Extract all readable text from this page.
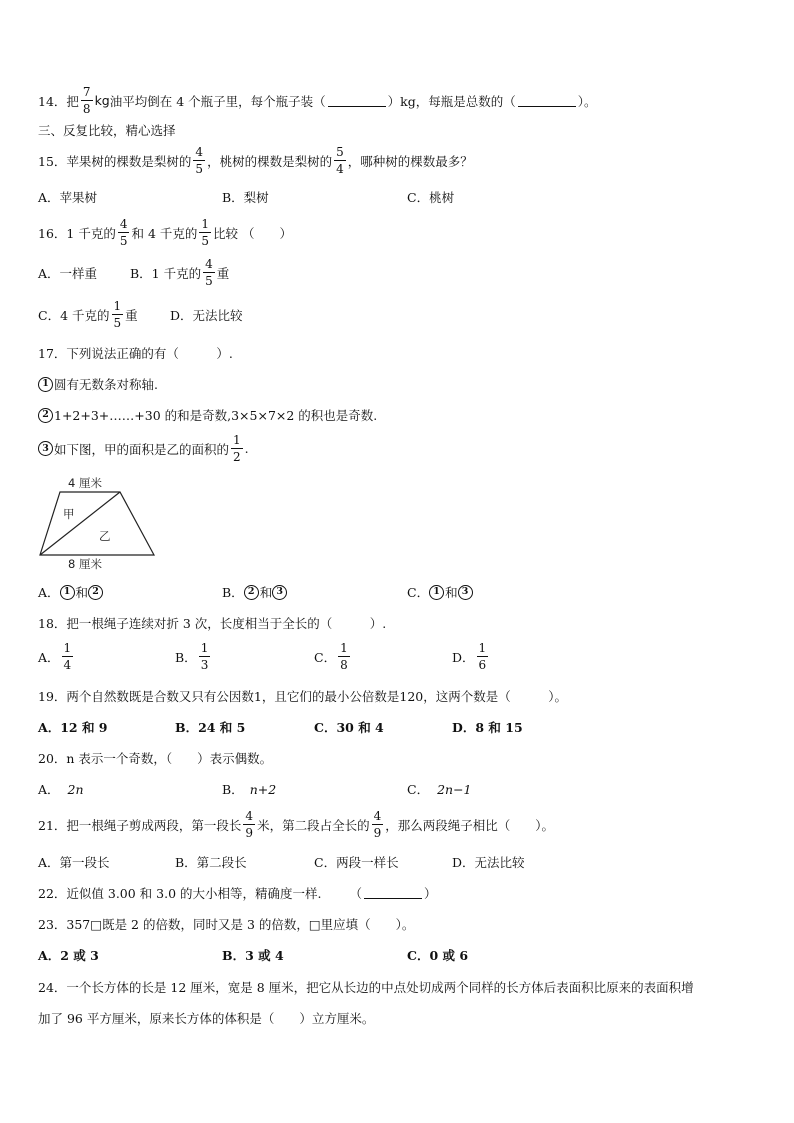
14． 把 $\frac{7}{8}$ kg 油平均倒在 4 个瓶子里，每个瓶子装（	） kg，每瓶是总数的（	）。
三、反复比较，精心选择
15． 苹果树的棵数是梨树的 $\frac{4}{5}$ ，桃树的棵数是梨树的 $\frac{5}{4}$ ，哪种树的棵数最多？
A．苹果树	B．梨树	C．桃树
16． 1 千克的 $\frac{4}{5}$ 和 4 千克的 $\frac{1}{5}$ 比较 （　　）
A．一样重	B．1 千克的 $\frac{4}{5}$ 重
C．4 千克的 $\frac{1}{5}$ 重	D．无法比较
17． 下列说法正确的有（　　　）.
1 圆有无数条对称轴.
2 1+2+3+……+30 的和是奇数,3×5×7×2 的积也是奇数.
3 如下图，甲的面积是乙的面积的 $\frac{1}{2}$ .
4 厘米
甲
乙
8 厘米
A． 1 和 2	B． 2 和 3	C． 1 和 3
18． 把一根绳子连续对折 3 次，长度相当于全长的（　　　）.
A． $\frac{1}{4}$	B． $\frac{1}{3}$	C． $\frac{1}{8}$	D． $\frac{1}{6}$
19． 两个自然数既是合数又只有公因数1，且它们的最小公倍数是120，这两个数是（　　　）。
A．12 和 9	B．24 和 5	C．30 和 4	D．8 和 15
20． n 表示一个奇数，（　　）表示偶数。
A． 2n	B． n+2	C． 2n−1
21． 把一根绳子剪成两段，第一段长 $\frac{4}{9}$ 米，第二段占全长的 $\frac{4}{9}$ ，那么两段绳子相比（　　）。
A．第一段长	B．第二段长	C．两段一样长	D．无法比较
22． 近似值 3.00 和 3.0 的大小相等，精确度一样. （	）
23． 357□既是 2 的倍数，同时又是 3 的倍数，□里应填（　　）。
A．2 或 3	B．3 或 4	C．0 或 6
24． 一个长方体的长是 12 厘米，宽是 8 厘米，把它从长边的中点处切成两个同样的长方体后表面积比原来的表面积增
加了 96 平方厘米，原来长方体的体积是（　　）立方厘米。
